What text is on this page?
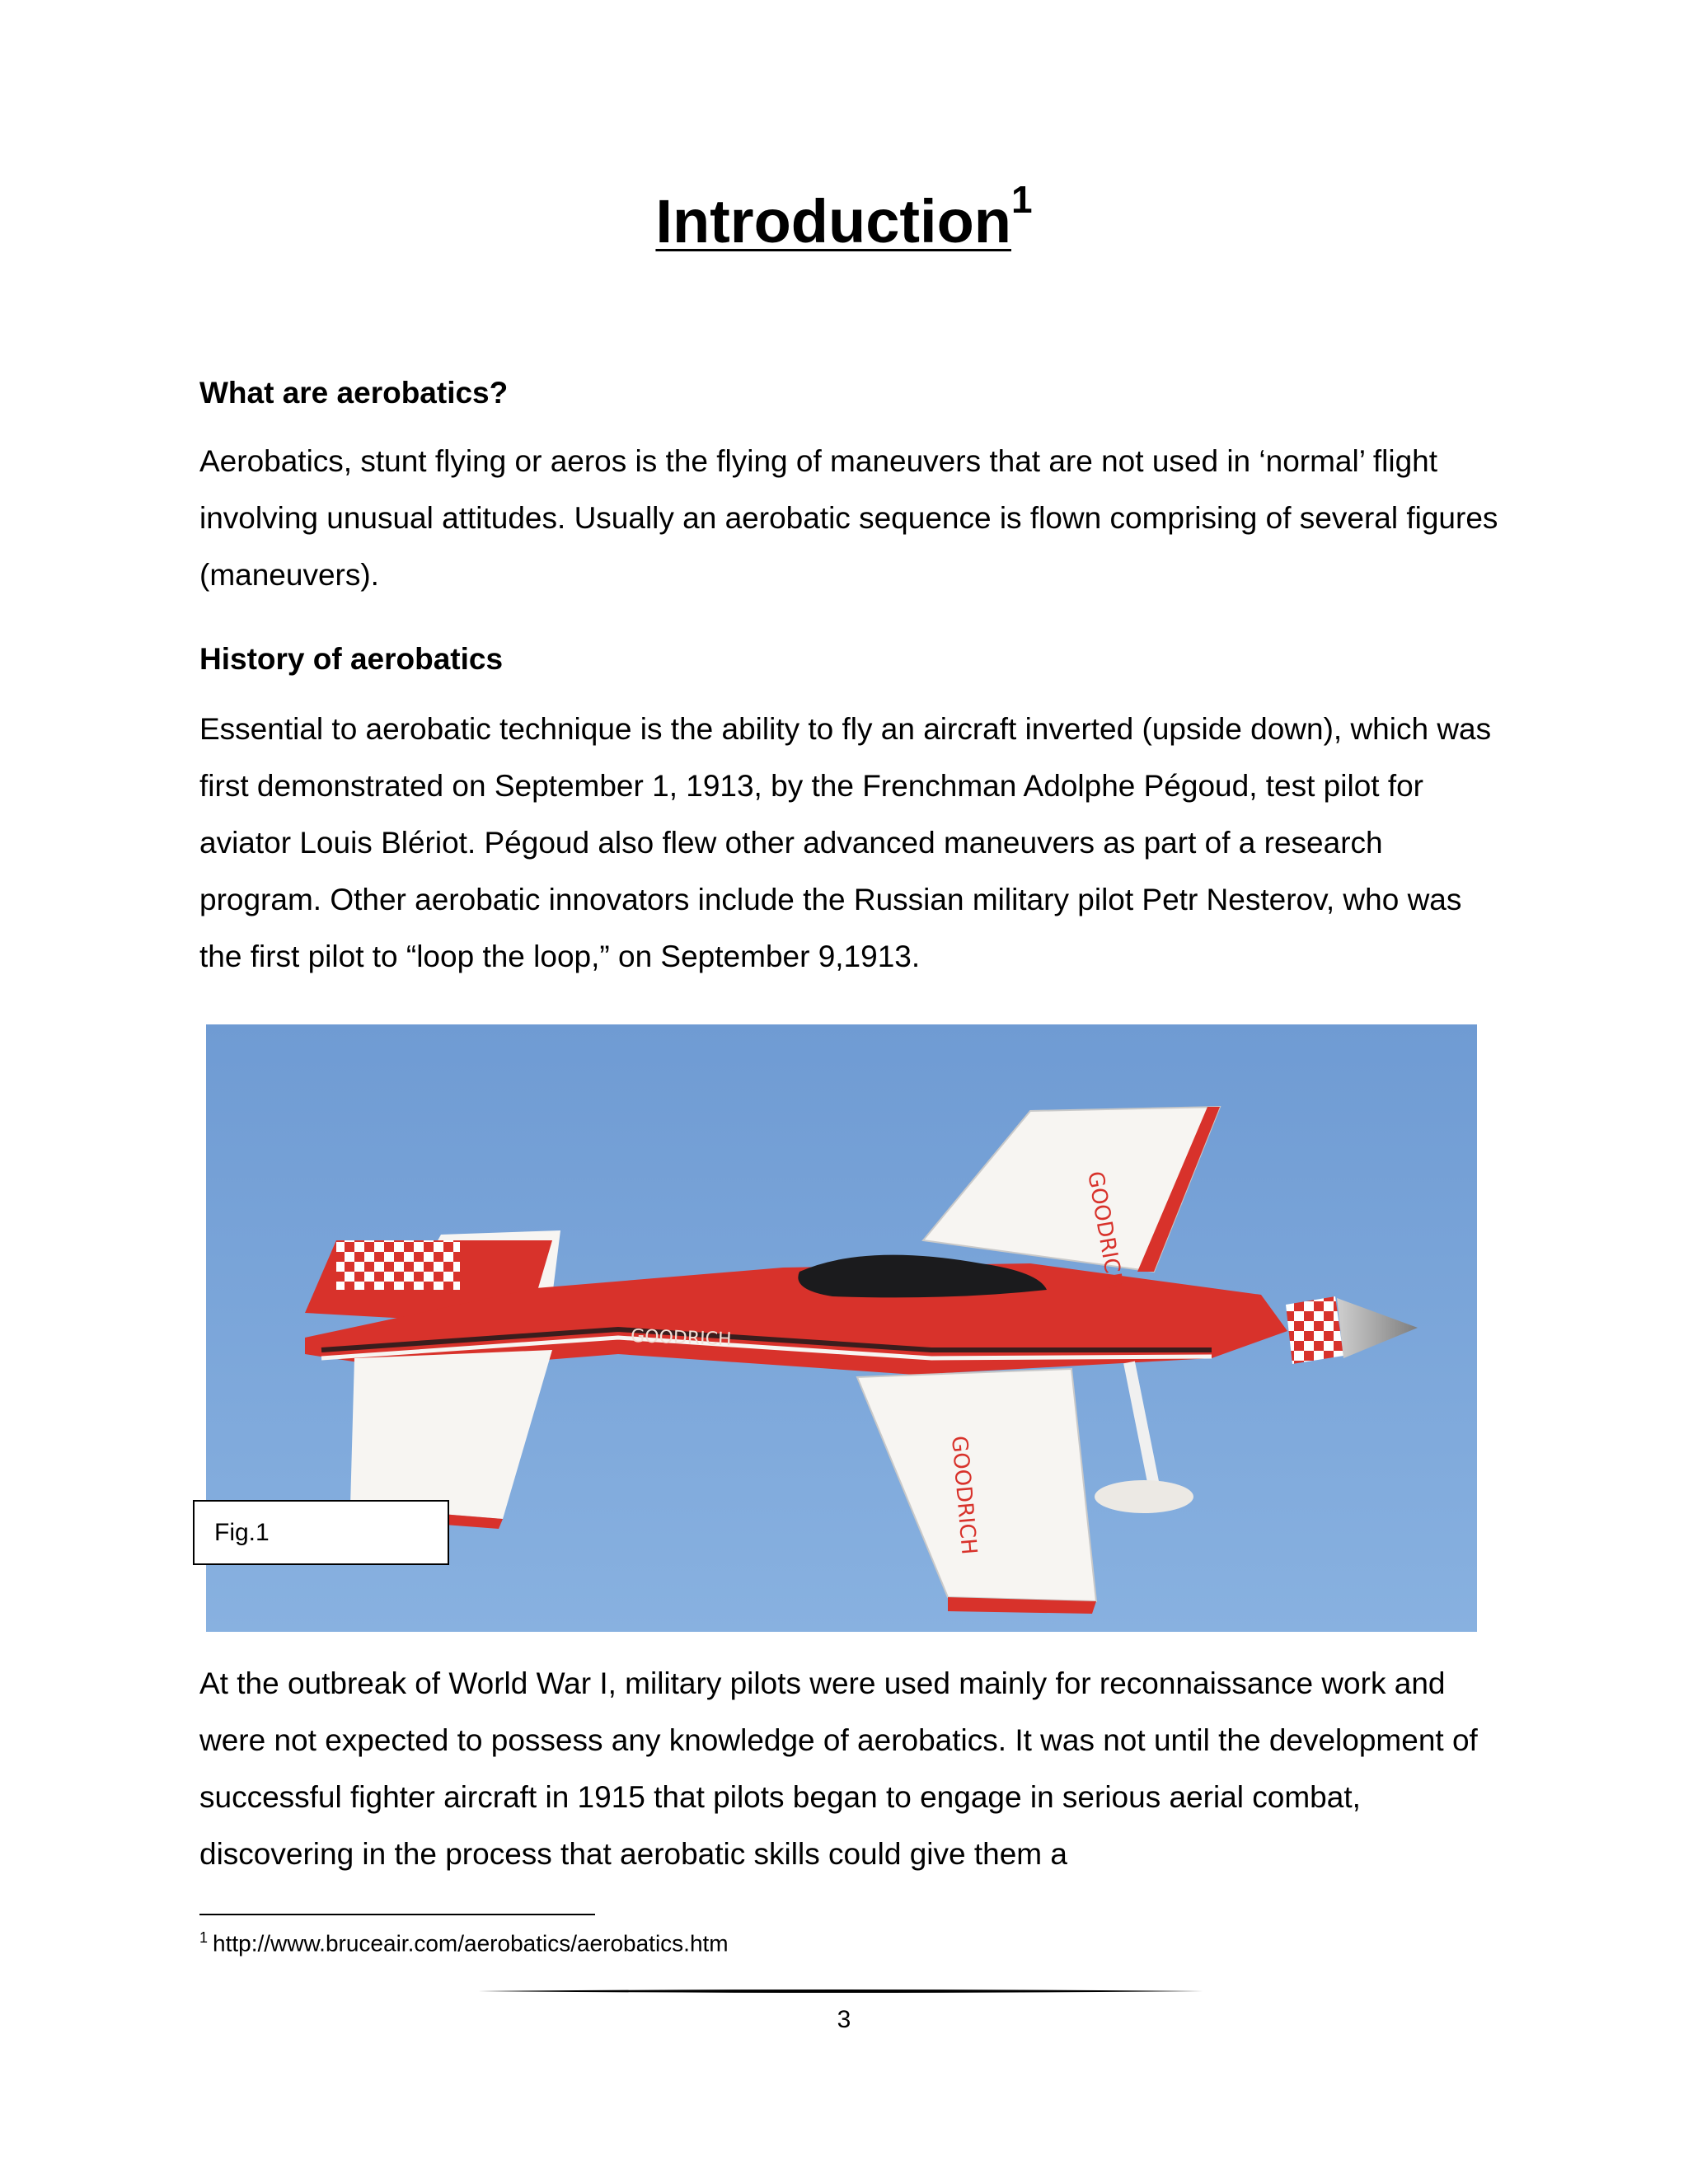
Introduction$^1$
What are aerobatics?

Aerobatics, stunt flying or aeros is the flying of maneuvers that are not used in ‘normal’ flight involving unusual attitudes. Usually an aerobatic sequence is flown comprising of several figures (maneuvers).

History of aerobatics

Essential to aerobatic technique is the ability to fly an aircraft inverted (upside down), which was first demonstrated on September 1, 1913, by the Frenchman Adolphe Pégoud, test pilot for aviator Louis Blériot. Pégoud also flew other advanced maneuvers as part of a research program. Other aerobatic innovators include the Russian military pilot Petr Nesterov, who was the first pilot to “loop the loop,” on September 9,1913.

GOODRICH
GOODRICH
GOODRICH
Fig.1

At the outbreak of World War I, military pilots were used mainly for reconnaissance work and were not expected to possess any knowledge of aerobatics. It was not until the development of successful fighter aircraft in 1915 that pilots began to engage in serious aerial combat, discovering in the process that aerobatic skills could give them a

$^1$ http://www.bruceair.com/aerobatics/aerobatics.htm
3
